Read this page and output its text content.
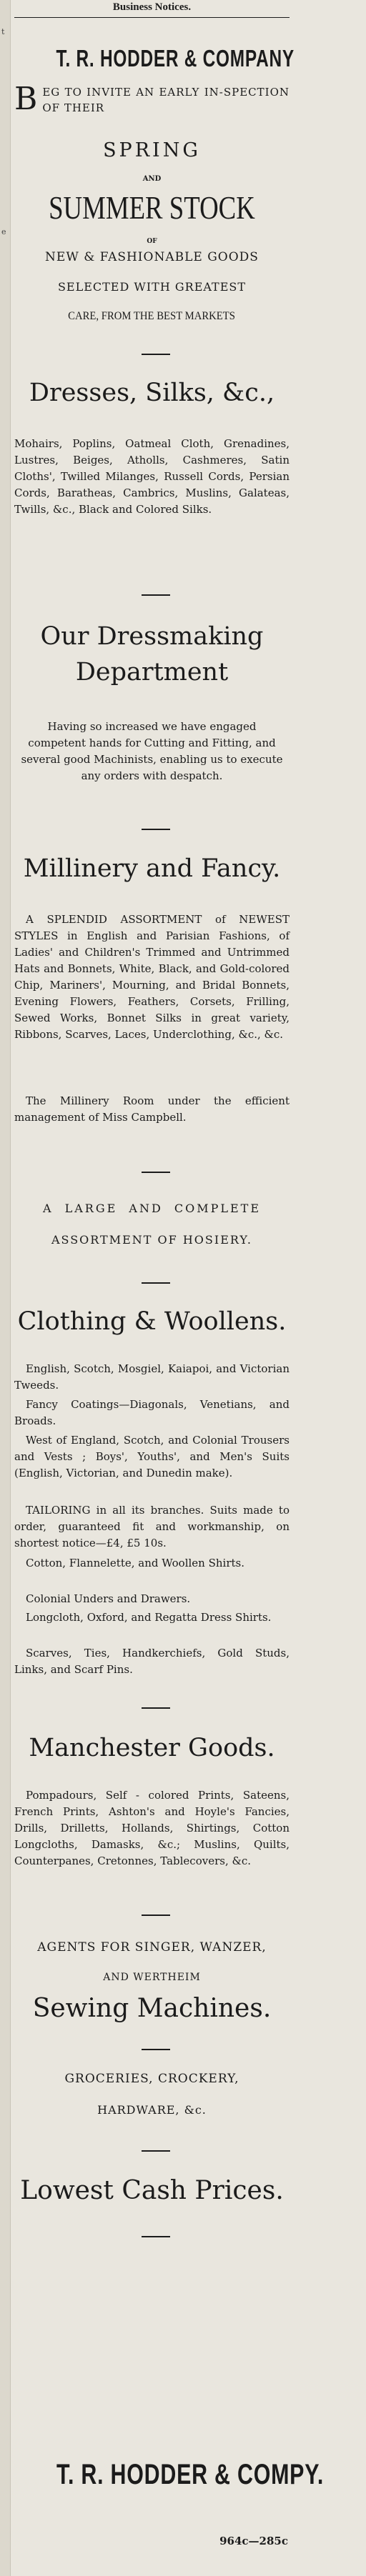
t
e
Business Notices.
T. R. HODDER & COMPANY
BEG TO INVITE AN EARLY IN-SPECTION OF THEIR
SPRING
AND
SUMMER STOCK
OF
NEW & FASHIONABLE GOODS
SELECTED WITH GREATEST
CARE, FROM THE BEST MARKETS
Dresses, Silks, &c.,
Mohairs, Poplins, Oatmeal Cloth, Grenadines, Lustres, Beiges, Atholls, Cashmeres, Satin Cloths', Twilled Milanges, Russell Cords, Persian Cords, Baratheas, Cambrics, Muslins, Galateas, Twills, &c., Black and Colored Silks.
Our Dressmaking Department
Having so increased we have engaged competent hands for Cutting and Fitting, and several good Machinists, enabling us to execute any orders with despatch.
Millinery and Fancy.
A SPLENDID ASSORTMENT of NEWEST STYLES in English and Parisian Fashions, of Ladies' and Children's Trimmed and Untrimmed Hats and Bonnets, White, Black, and Gold-colored Chip, Mariners', Mourning, and Bridal Bonnets, Evening Flowers, Feathers, Corsets, Frilling, Sewed Works, Bonnet Silks in great variety, Ribbons, Scarves, Laces, Underclothing, &c., &c.
The Millinery Room under the efficient management of Miss Campbell.
A LARGE AND COMPLETE
ASSORTMENT OF HOSIERY.
Clothing & Woollens.
English, Scotch, Mosgiel, Kaiapoi, and Victorian Tweeds.
Fancy Coatings—Diagonals, Venetians, and Broads.
West of England, Scotch, and Colonial Trousers and Vests ; Boys', Youths', and Men's Suits (English, Victorian, and Dunedin make).
TAILORING in all its branches. Suits made to order, guaranteed fit and workmanship, on shortest notice—£4, £5 10s.
Cotton, Flannelette, and Woollen Shirts.
Colonial Unders and Drawers.
Longcloth, Oxford, and Regatta Dress Shirts.
Scarves, Ties, Handkerchiefs, Gold Studs, Links, and Scarf Pins.
Manchester Goods.
Pompadours, Self - colored Prints, Sateens, French Prints, Ashton's and Hoyle's Fancies, Drills, Drilletts, Hollands, Shirtings, Cotton Longcloths, Damasks, &c.; Muslins, Quilts, Counterpanes, Cretonnes, Tablecovers, &c.
AGENTS FOR SINGER, WANZER,
AND WERTHEIM
Sewing Machines.
GROCERIES, CROCKERY,
HARDWARE, &c.
Lowest Cash Prices.
T. R. HODDER & COMPY.
964c—285c
